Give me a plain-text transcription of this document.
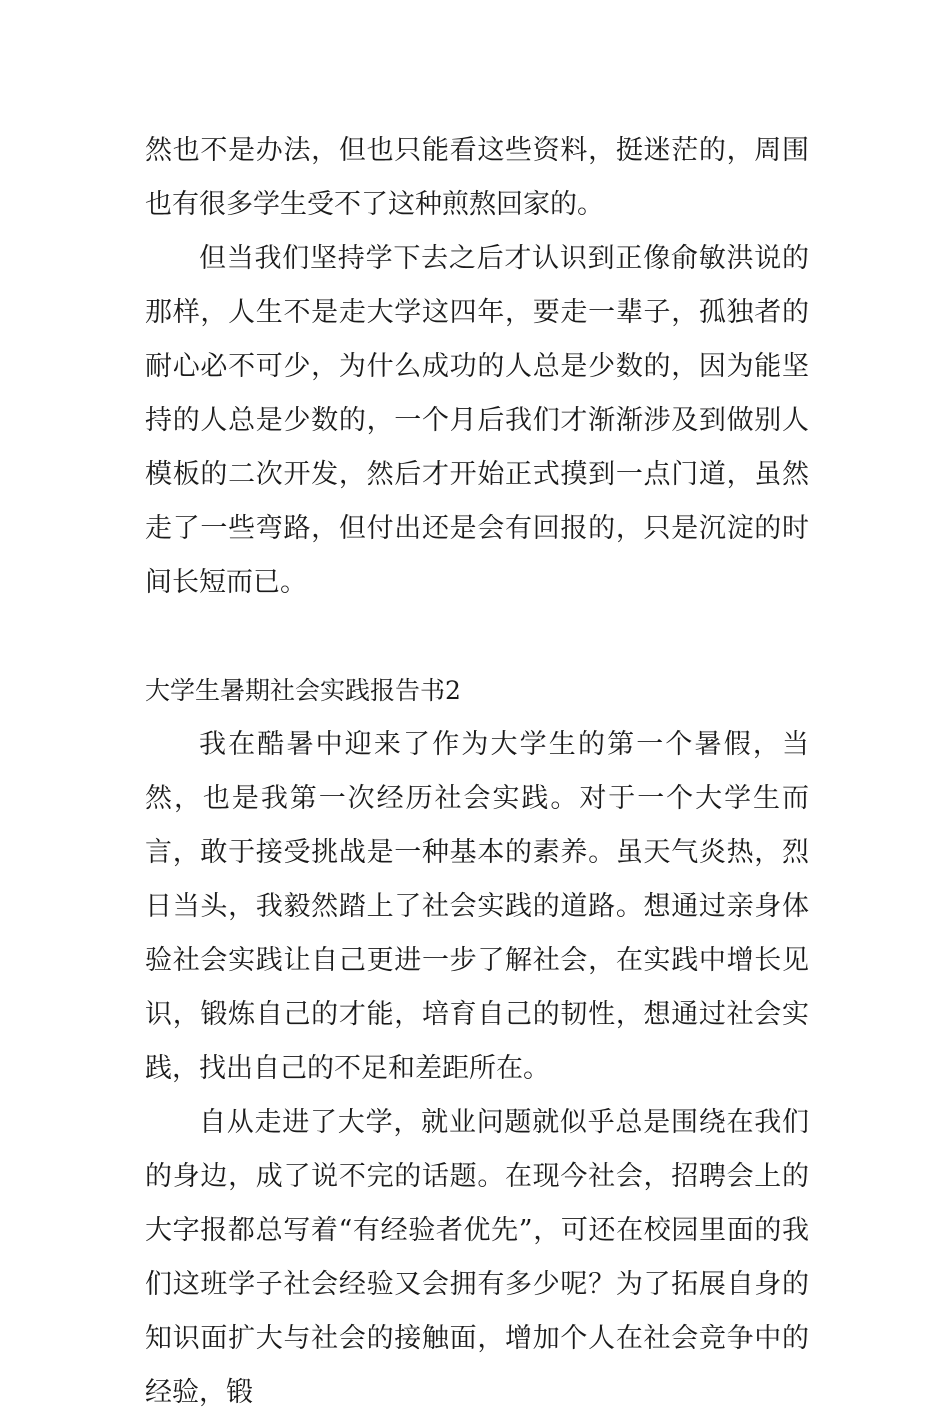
然也不是办法，但也只能看这些资料，挺迷茫的，周围也有很多学生受不了这种煎熬回家的。

但当我们坚持学下去之后才认识到正像俞敏洪说的那样，人生不是走大学这四年，要走一辈子，孤独者的耐心必不可少，为什么成功的人总是少数的，因为能坚持的人总是少数的，一个月后我们才渐渐涉及到做别人模板的二次开发，然后才开始正式摸到一点门道，虽然走了一些弯路，但付出还是会有回报的，只是沉淀的时间长短而已。

大学生暑期社会实践报告书2

我在酷暑中迎来了作为大学生的第一个暑假，当然，也是我第一次经历社会实践。对于一个大学生而言，敢于接受挑战是一种基本的素养。虽天气炎热，烈日当头，我毅然踏上了社会实践的道路。想通过亲身体验社会实践让自己更进一步了解社会，在实践中增长见识，锻炼自己的才能，培育自己的韧性，想通过社会实践，找出自己的不足和差距所在。

自从走进了大学，就业问题就似乎总是围绕在我们的身边，成了说不完的话题。在现今社会，招聘会上的大字报都总写着“有经验者优先”，可还在校园里面的我们这班学子社会经验又会拥有多少呢？为了拓展自身的知识面扩大与社会的接触面，增加个人在社会竞争中的经验，锻
